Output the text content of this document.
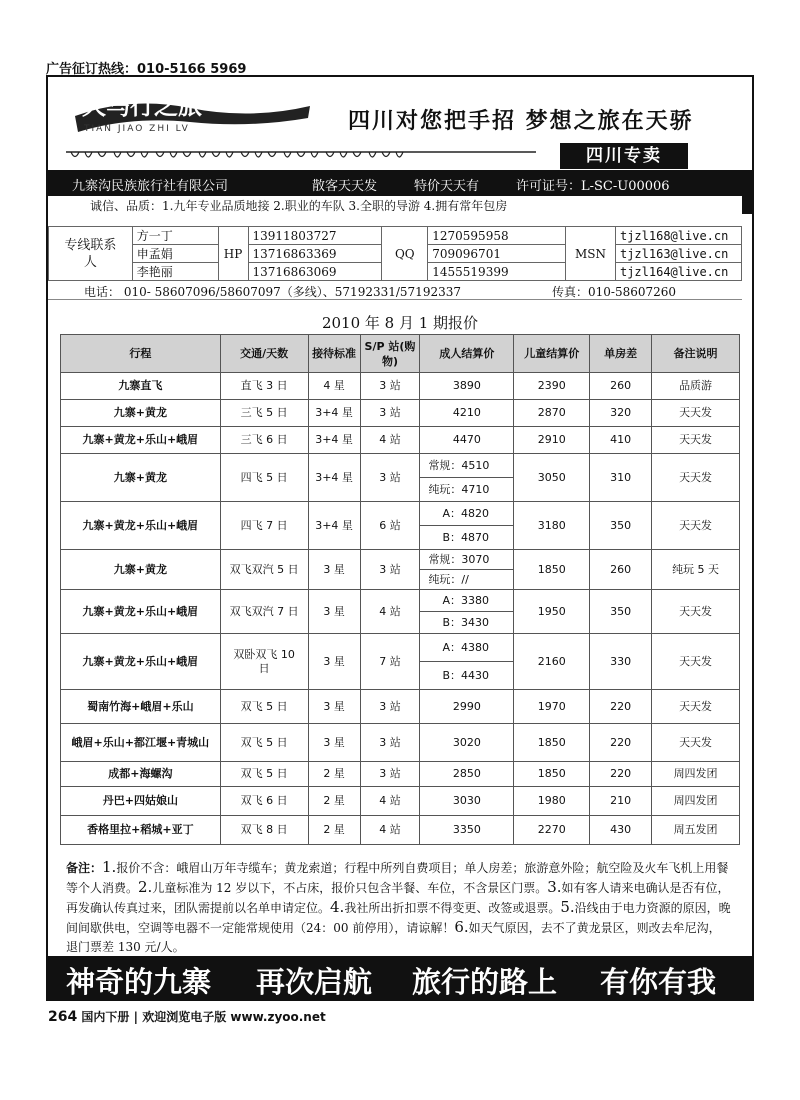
广告征订热线：010-5166 5969
天马行之旅
TIAN JIAO ZHI LV	四川对您把手招 梦想之旅在天骄
四川专卖
九寨沟民族旅行社有限公司	散客天天发	特价天天有	许可证号：L-SC-U00006
诚信、品质：1.九年专业品质地接 2.职业的车队 3.全职的导游 4.拥有常年包房
专线联系人	方一丁	HP	13911803727	QQ	1270595958	MSN	tjzl168@live.cn
	申孟娟		13716863369		709096701		tjzl163@live.cn
	李艳丽		13716863069		1455519399		tjzl164@live.cn
电话： 010- 58607096/58607097（多线）、57192331/57192337	传真：010-58607260
2010 年 8 月 1 期报价
行程	交通/天数	接待标准	S/P 站(购物)	成人结算价	儿童结算价	单房差	备注说明
九寨直飞	直飞 3 日	4 星	3 站	3890	2390	260	品质游
九寨+黄龙	三飞 5 日	3+4 星	3 站	4210	2870	320	天天发
九寨+黄龙+乐山+峨眉	三飞 6 日	3+4 星	4 站	4470	2910	410	天天发
九寨+黄龙	四飞 5 日	3+4 星	3 站	常规：4510	3050	310	天天发
				纯玩：4710			
九寨+黄龙+乐山+峨眉	四飞 7 日	3+4 星	6 站	A：4820	3180	350	天天发
				B：4870			
九寨+黄龙	双飞双汽 5 日	3 星	3 站	常规：3070	1850	260	纯玩 5 天
				纯玩：//			
九寨+黄龙+乐山+峨眉	双飞双汽 7 日	3 星	4 站	A：3380	1950	350	天天发
				B：3430			
九寨+黄龙+乐山+峨眉	双卧双飞 10 日	3 星	7 站	A：4380	2160	330	天天发
				B：4430			
蜀南竹海+峨眉+乐山	双飞 5 日	3 星	3 站	2990	1970	220	天天发
峨眉+乐山+都江堰+青城山	双飞 5 日	3 星	3 站	3020	1850	220	天天发
成都+海螺沟	双飞 5 日	2 星	3 站	2850	1850	220	周四发团
丹巴+四姑娘山	双飞 6 日	2 星	4 站	3030	1980	210	周四发团
香格里拉+稻城+亚丁	双飞 8 日	2 星	4 站	3350	2270	430	周五发团
备注：1.报价不含：峨眉山万年寺缆车；黄龙索道；行程中所列自费项目；单人房差；旅游意外险；航空险及火车飞机上用餐等个人消费。2.儿童标准为 12 岁以下，不占床，报价只包含半餐、车位，不含景区门票。3.如有客人请来电确认是否有位，再发确认传真过来，团队需提前以名单申请定位。4.我社所出折扣票不得变更、改签或退票。5.沿线由于电力资源的原因，晚间间歇供电，空调等电器不一定能常规使用（24：00 前停用），请谅解！6.如天气原因，去不了黄龙景区，则改去牟尼沟，退门票差 130 元/人。
神奇的九寨 再次启航 旅行的路上 有你有我
264 国内下册 | 欢迎浏览电子版 www.zyoo.net
